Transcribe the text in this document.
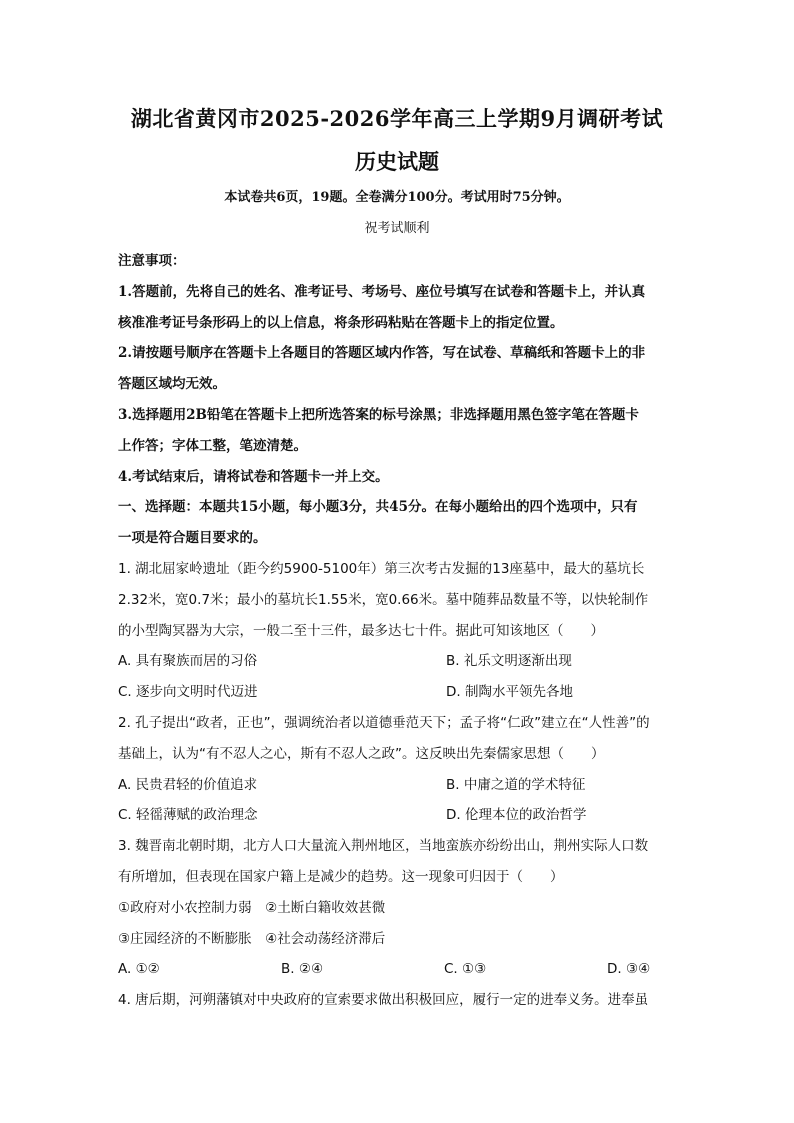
湖北省黄冈市2025-2026学年高三上学期9月调研考试
历史试题
本试卷共6页，19题。全卷满分100分。考试用时75分钟。
祝考试顺利
注意事项：
1.答题前，先将自己的姓名、准考证号、考场号、座位号填写在试卷和答题卡上，并认真
核准准考证号条形码上的以上信息，将条形码粘贴在答题卡上的指定位置。
2.请按题号顺序在答题卡上各题目的答题区域内作答，写在试卷、草稿纸和答题卡上的非
答题区域均无效。
3.选择题用2B铅笔在答题卡上把所选答案的标号涂黑；非选择题用黑色签字笔在答题卡
上作答；字体工整，笔迹清楚。
4.考试结束后，请将试卷和答题卡一并上交。
一、选择题：本题共15小题，每小题3分，共45分。在每小题给出的四个选项中，只有
一项是符合题目要求的。
1. 湖北屈家岭遗址（距今约5900-5100年）第三次考古发掘的13座墓中，最大的墓坑长
2.32米，宽0.7米；最小的墓坑长1.55米，宽0.66米。墓中随葬品数量不等，以快轮制作
的小型陶冥器为大宗，一般二至十三件，最多达七十件。据此可知该地区（　　）
A. 具有聚族而居的习俗	B. 礼乐文明逐渐出现
C. 逐步向文明时代迈进	D. 制陶水平领先各地
2. 孔子提出“政者，正也”，强调统治者以道德垂范天下；孟子将“仁政”建立在“人性善”的
基础上，认为“有不忍人之心，斯有不忍人之政”。这反映出先秦儒家思想（　　）
A. 民贵君轻的价值追求	B. 中庸之道的学术特征
C. 轻徭薄赋的政治理念	D. 伦理本位的政治哲学
3. 魏晋南北朝时期，北方人口大量流入荆州地区，当地蛮族亦纷纷出山，荆州实际人口数
有所增加，但表现在国家户籍上是减少的趋势。这一现象可归因于（　　）
①政府对小农控制力弱　②土断白籍收效甚微
③庄园经济的不断膨胀　④社会动荡经济滞后
A. ①②	B. ②④	C. ①③	D. ③④
4. 唐后期，河朔藩镇对中央政府的宣索要求做出积极回应，履行一定的进奉义务。进奉虽
